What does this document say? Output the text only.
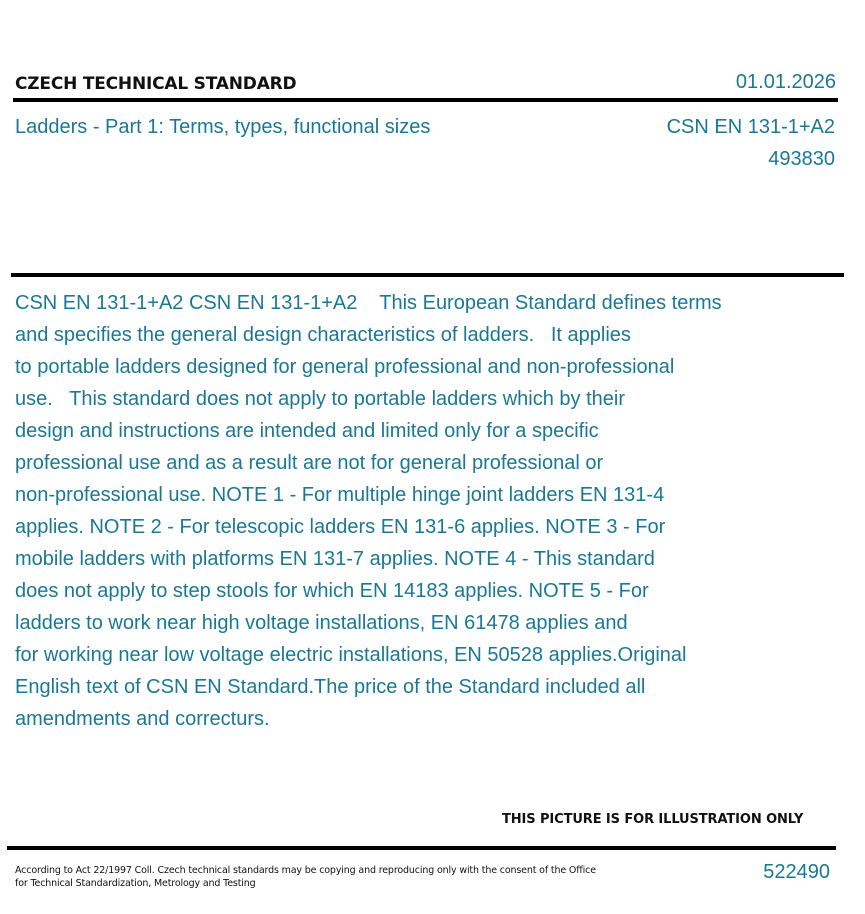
CZECH TECHNICAL STANDARD	01.01.2026
Ladders - Part 1: Terms, types, functional sizes	CSN EN 131-1+A2
493830
CSN EN 131-1+A2 CSN EN 131-1+A2    This European Standard defines terms
and specifies the general design characteristics of ladders.   It applies
to portable ladders designed for general professional and non-professional
use.   This standard does not apply to portable ladders which by their
design and instructions are intended and limited only for a specific
professional use and as a result are not for general professional or
non-professional use. NOTE 1 - For multiple hinge joint ladders EN 131-4
applies. NOTE 2 - For telescopic ladders EN 131-6 applies. NOTE 3 - For
mobile ladders with platforms EN 131-7 applies. NOTE 4 - This standard
does not apply to step stools for which EN 14183 applies. NOTE 5 - For
ladders to work near high voltage installations, EN 61478 applies and
for working near low voltage electric installations, EN 50528 applies.Original
English text of CSN EN Standard.The price of the Standard included all
amendments and correcturs.
THIS PICTURE IS FOR ILLUSTRATION ONLY
According to Act 22/1997 Coll. Czech technical standards may be copying and reproducing only with the consent of the Office
for Technical Standardization, Metrology and Testing
522490
